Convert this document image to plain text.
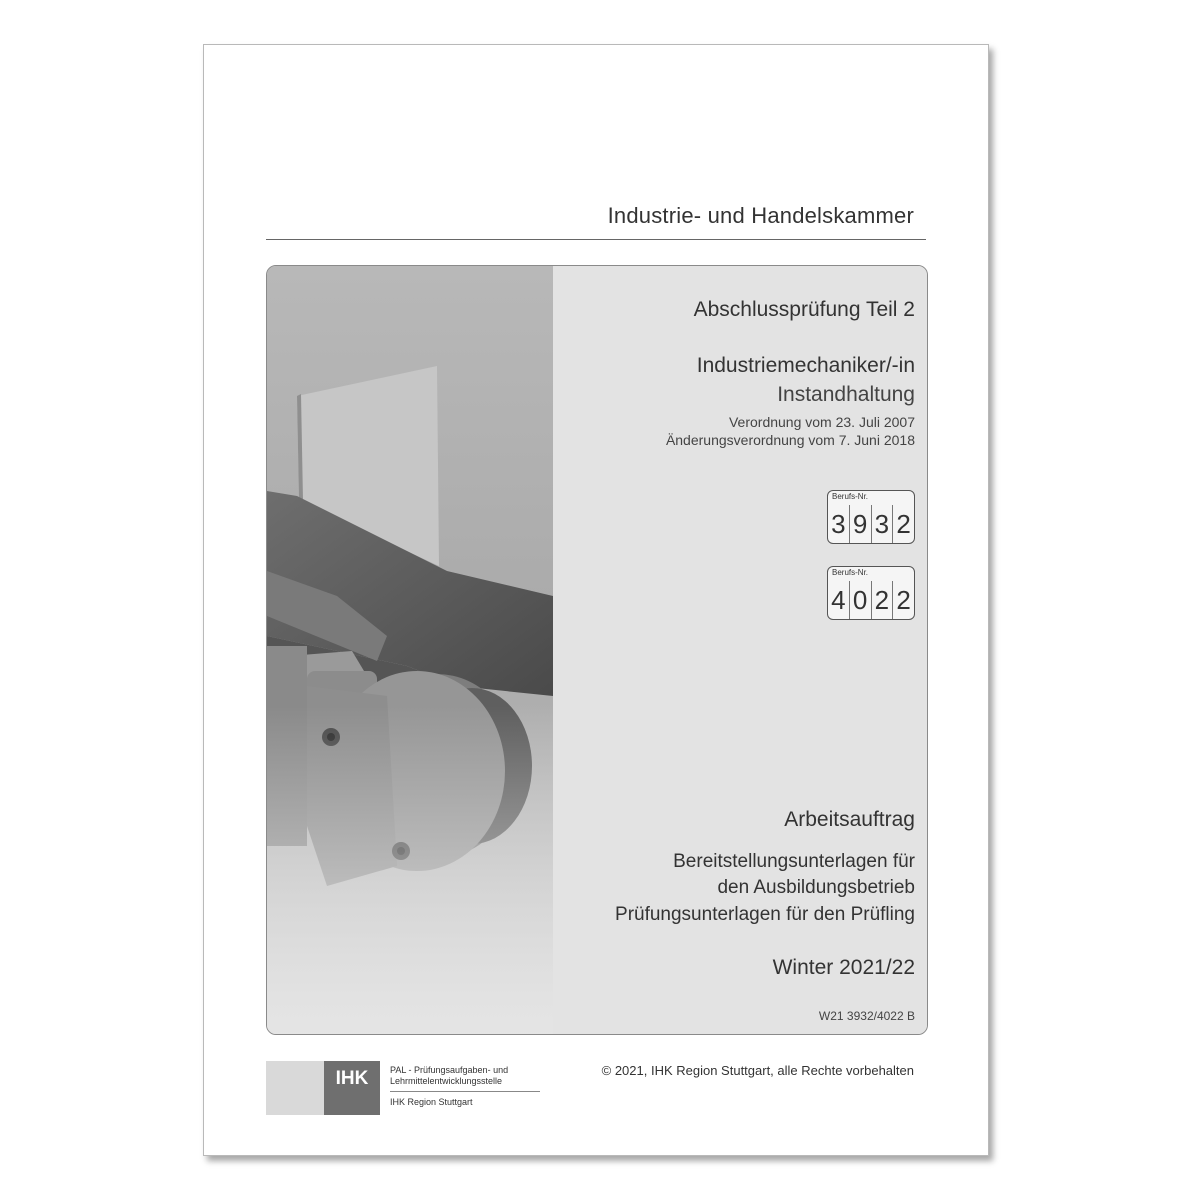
Industrie- und Handelskammer
Abschlussprüfung Teil 2
Industriemechaniker/-in
Instandhaltung
Verordnung vom 23. Juli 2007
Änderungsverordnung vom 7. Juni 2018
Berufs-Nr.
3 9 3 2
Berufs-Nr.
4 0 2 2
Arbeitsauftrag
Bereitstellungsunterlagen für
den Ausbildungsbetrieb
Prüfungsunterlagen für den Prüfling
Winter 2021/22
W21 3932/4022 B
IHK	PAL - Prüfungsaufgaben- und
Lehrmittelentwicklungsstelle
IHK Region Stuttgart
© 2021, IHK Region Stuttgart, alle Rechte vorbehalten
